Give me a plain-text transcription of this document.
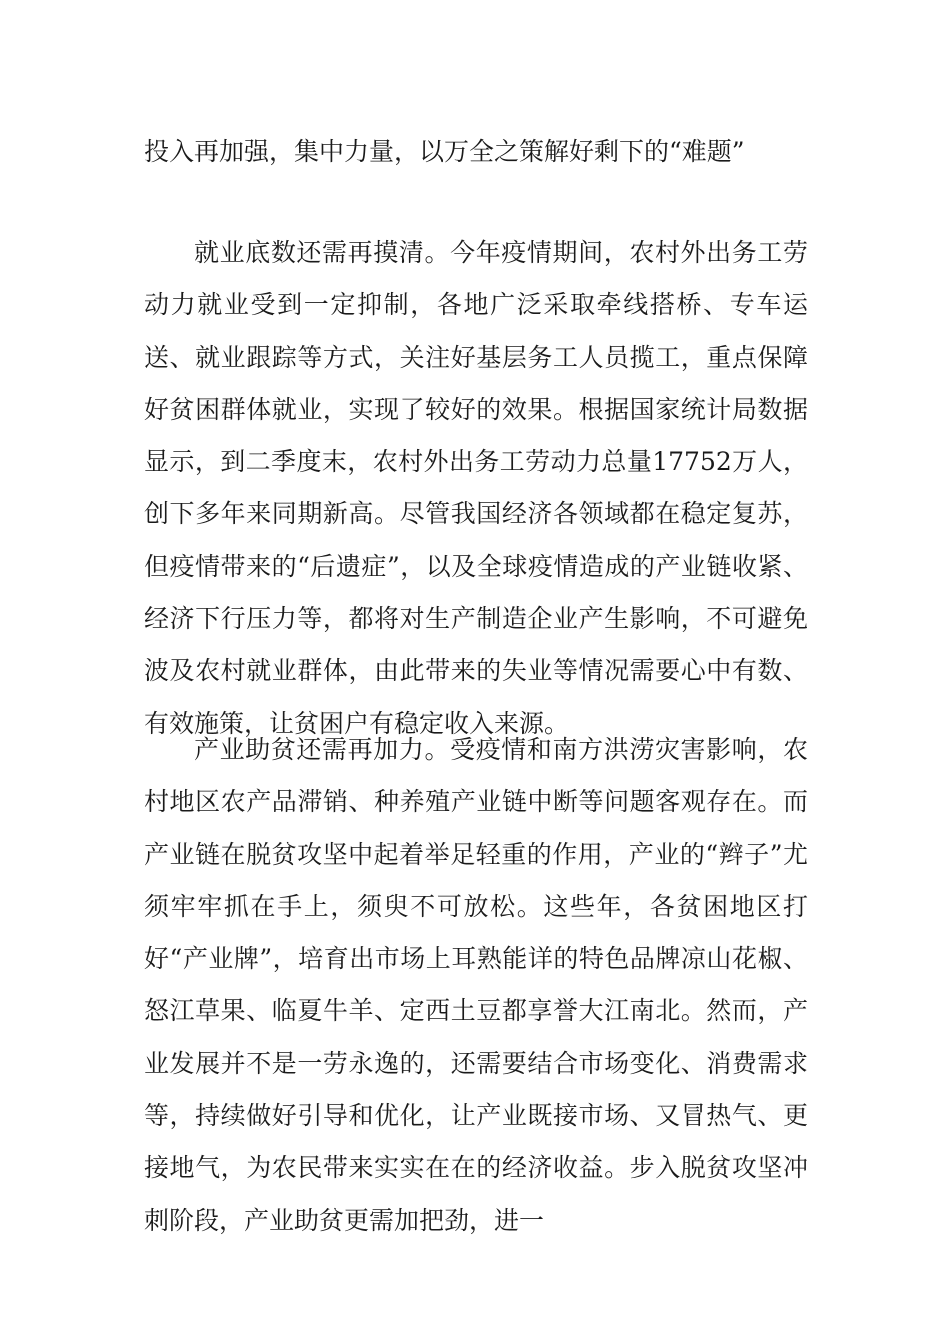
投入再加强，集中力量，以万全之策解好剩下的“难题”

就业底数还需再摸清。今年疫情期间，农村外出务工劳动力就业受到一定抑制，各地广泛采取牵线搭桥、专车运送、就业跟踪等方式，关注好基层务工人员揽工，重点保障好贫困群体就业，实现了较好的效果。根据国家统计局数据显示，到二季度末，农村外出务工劳动力总量17752万人，创下多年来同期新高。尽管我国经济各领域都在稳定复苏，但疫情带来的“后遗症”，以及全球疫情造成的产业链收紧、经济下行压力等，都将对生产制造企业产生影响，不可避免波及农村就业群体，由此带来的失业等情况需要心中有数、有效施策，让贫困户有稳定收入来源。

产业助贫还需再加力。受疫情和南方洪涝灾害影响，农村地区农产品滞销、种养殖产业链中断等问题客观存在。而产业链在脱贫攻坚中起着举足轻重的作用，产业的“辫子”尤须牢牢抓在手上，须臾不可放松。这些年，各贫困地区打好“产业牌”，培育出市场上耳熟能详的特色品牌凉山花椒、怒江草果、临夏牛羊、定西土豆都享誉大江南北。然而，产业发展并不是一劳永逸的，还需要结合市场变化、消费需求等，持续做好引导和优化，让产业既接市场、又冒热气、更接地气，为农民带来实实在在的经济收益。步入脱贫攻坚冲刺阶段，产业助贫更需加把劲，进一
